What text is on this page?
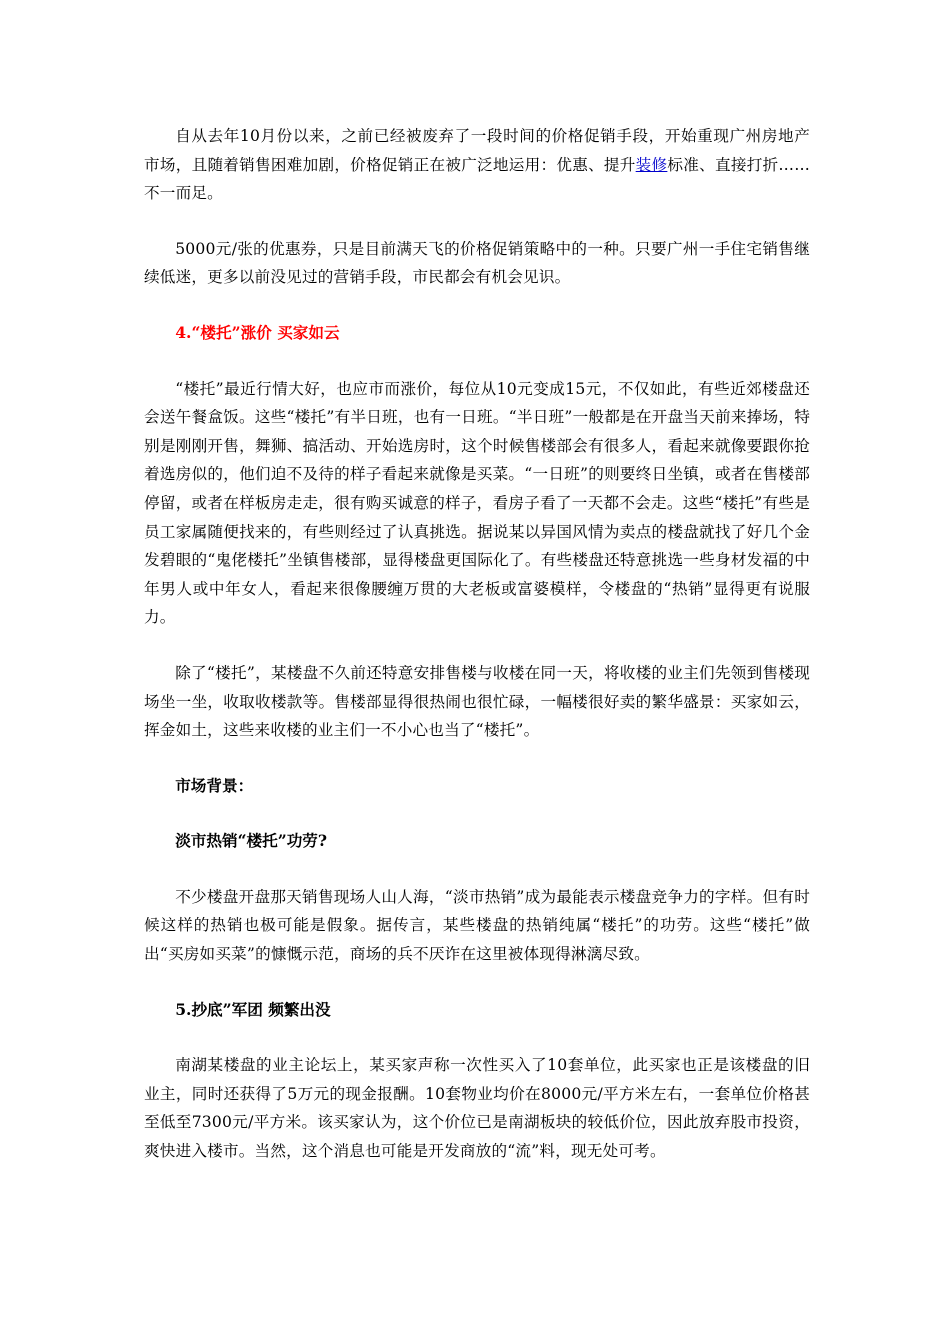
自从去年10月份以来，之前已经被废弃了一段时间的价格促销手段，开始重现广州房地产市场，且随着销售困难加剧，价格促销正在被广泛地运用：优惠、提升装修标准、直接打折……不一而足。

5000元/张的优惠券，只是目前满天飞的价格促销策略中的一种。只要广州一手住宅销售继续低迷，更多以前没见过的营销手段，市民都会有机会见识。

4.“楼托”涨价 买家如云

“楼托”最近行情大好，也应市而涨价，每位从10元变成15元，不仅如此，有些近郊楼盘还会送午餐盒饭。这些“楼托”有半日班，也有一日班。“半日班”一般都是在开盘当天前来捧场，特别是刚刚开售，舞狮、搞活动、开始选房时，这个时候售楼部会有很多人，看起来就像要跟你抢着选房似的，他们迫不及待的样子看起来就像是买菜。“一日班”的则要终日坐镇，或者在售楼部停留，或者在样板房走走，很有购买诚意的样子，看房子看了一天都不会走。这些“楼托”有些是员工家属随便找来的，有些则经过了认真挑选。据说某以异国风情为卖点的楼盘就找了好几个金发碧眼的“鬼佬楼托”坐镇售楼部，显得楼盘更国际化了。有些楼盘还特意挑选一些身材发福的中年男人或中年女人，看起来很像腰缠万贯的大老板或富婆模样，令楼盘的“热销”显得更有说服力。

除了“楼托”，某楼盘不久前还特意安排售楼与收楼在同一天，将收楼的业主们先领到售楼现场坐一坐，收取收楼款等。售楼部显得很热闹也很忙碌，一幅楼很好卖的繁华盛景：买家如云，挥金如土，这些来收楼的业主们一不小心也当了“楼托”。

市场背景：

淡市热销“楼托”功劳?

不少楼盘开盘那天销售现场人山人海，“淡市热销”成为最能表示楼盘竞争力的字样。但有时候这样的热销也极可能是假象。据传言，某些楼盘的热销纯属“楼托”的功劳。这些“楼托”做出“买房如买菜”的慷慨示范，商场的兵不厌诈在这里被体现得淋漓尽致。

5.抄底”军团 频繁出没

南湖某楼盘的业主论坛上，某买家声称一次性买入了10套单位，此买家也正是该楼盘的旧业主，同时还获得了5万元的现金报酬。10套物业均价在8000元/平方米左右，一套单位价格甚至低至7300元/平方米。该买家认为，这个价位已是南湖板块的较低价位，因此放弃股市投资，爽快进入楼市。当然，这个消息也可能是开发商放的“流”料，现无处可考。
